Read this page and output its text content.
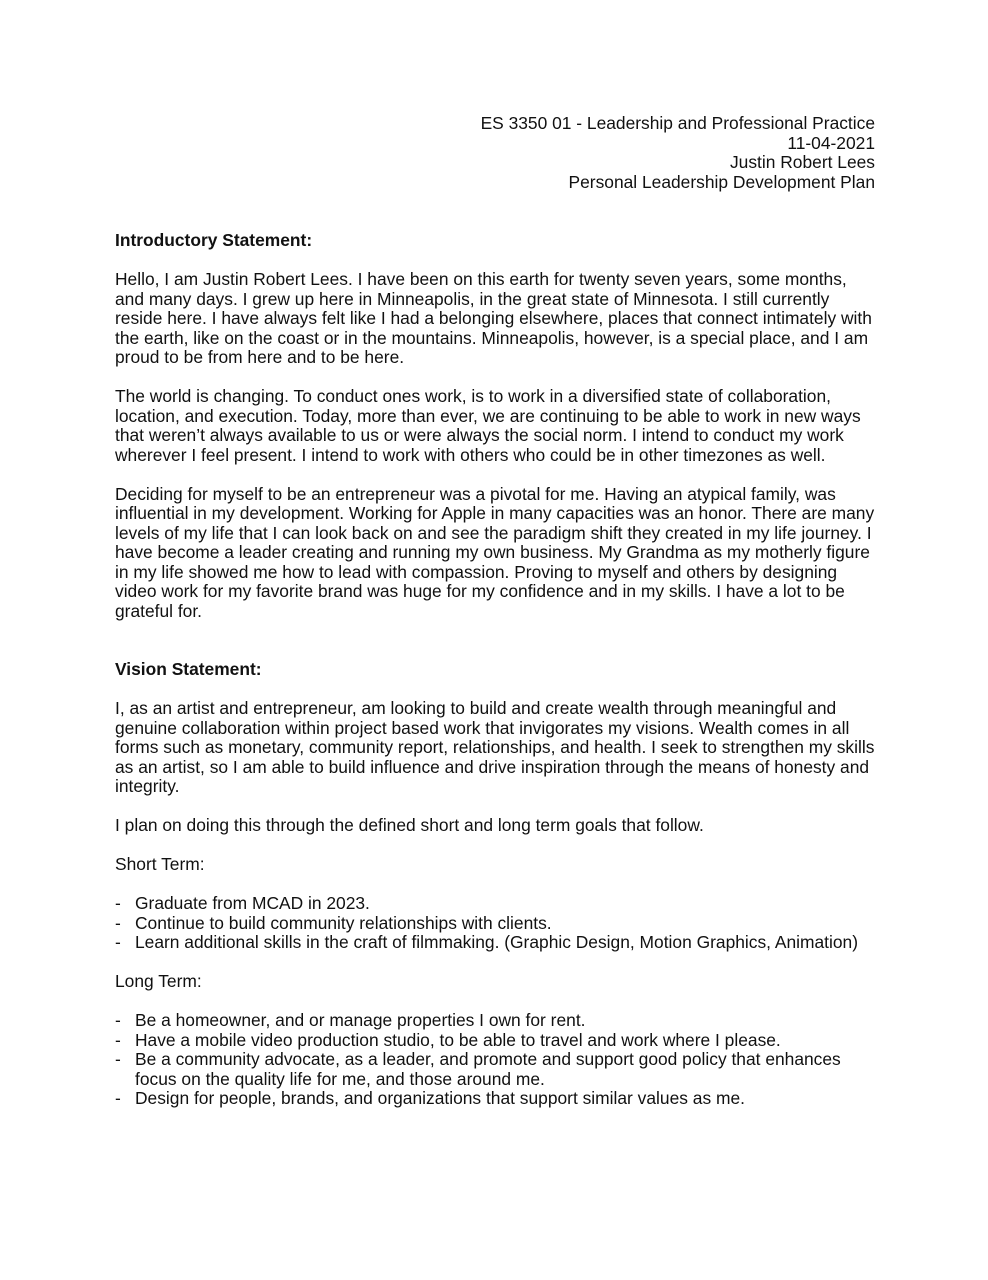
ES 3350 01 - Leadership and Professional Practice
11-04-2021
Justin Robert Lees
Personal Leadership Development Plan
Introductory Statement:

Hello, I am Justin Robert Lees. I have been on this earth for twenty seven years, some months, and many days. I grew up here in Minneapolis, in the great state of Minnesota. I still currently reside here. I have always felt like I had a belonging elsewhere, places that connect intimately with the earth, like on the coast or in the mountains. Minneapolis, however, is a special place, and I am proud to be from here and to be here.

The world is changing. To conduct ones work, is to work in a diversified state of collaboration, location, and execution. Today, more than ever, we are continuing to be able to work in new ways that weren’t always available to us or were always the social norm. I intend to conduct my work wherever I feel present. I intend to work with others who could be in other timezones as well.

Deciding for myself to be an entrepreneur was a pivotal for me. Having an atypical family, was influential in my development. Working for Apple in many capacities was an honor. There are many levels of my life that I can look back on and see the paradigm shift they created in my life journey. I have become a leader creating and running my own business. My Grandma as my motherly figure in my life showed me how to lead with compassion. Proving to myself and others by designing video work for my favorite brand was huge for my confidence and in my skills. I have a lot to be grateful for.

Vision Statement:

I, as an artist and entrepreneur, am looking to build and create wealth through meaningful and genuine collaboration within project based work that invigorates my visions. Wealth comes in all forms such as monetary, community report, relationships, and health. I seek to strengthen my skills as an artist, so I am able to build influence and drive inspiration through the means of honesty and integrity.

I plan on doing this through the defined short and long term goals that follow.

Short Term:

- Graduate from MCAD in 2023.
- Continue to build community relationships with clients.
- Learn additional skills in the craft of filmmaking. (Graphic Design, Motion Graphics, Animation)

Long Term:

- Be a homeowner, and or manage properties I own for rent.
- Have a mobile video production studio, to be able to travel and work where I please.
- Be a community advocate, as a leader, and promote and support good policy that enhances focus on the quality life for me, and those around me.
- Design for people, brands, and organizations that support similar values as me.
